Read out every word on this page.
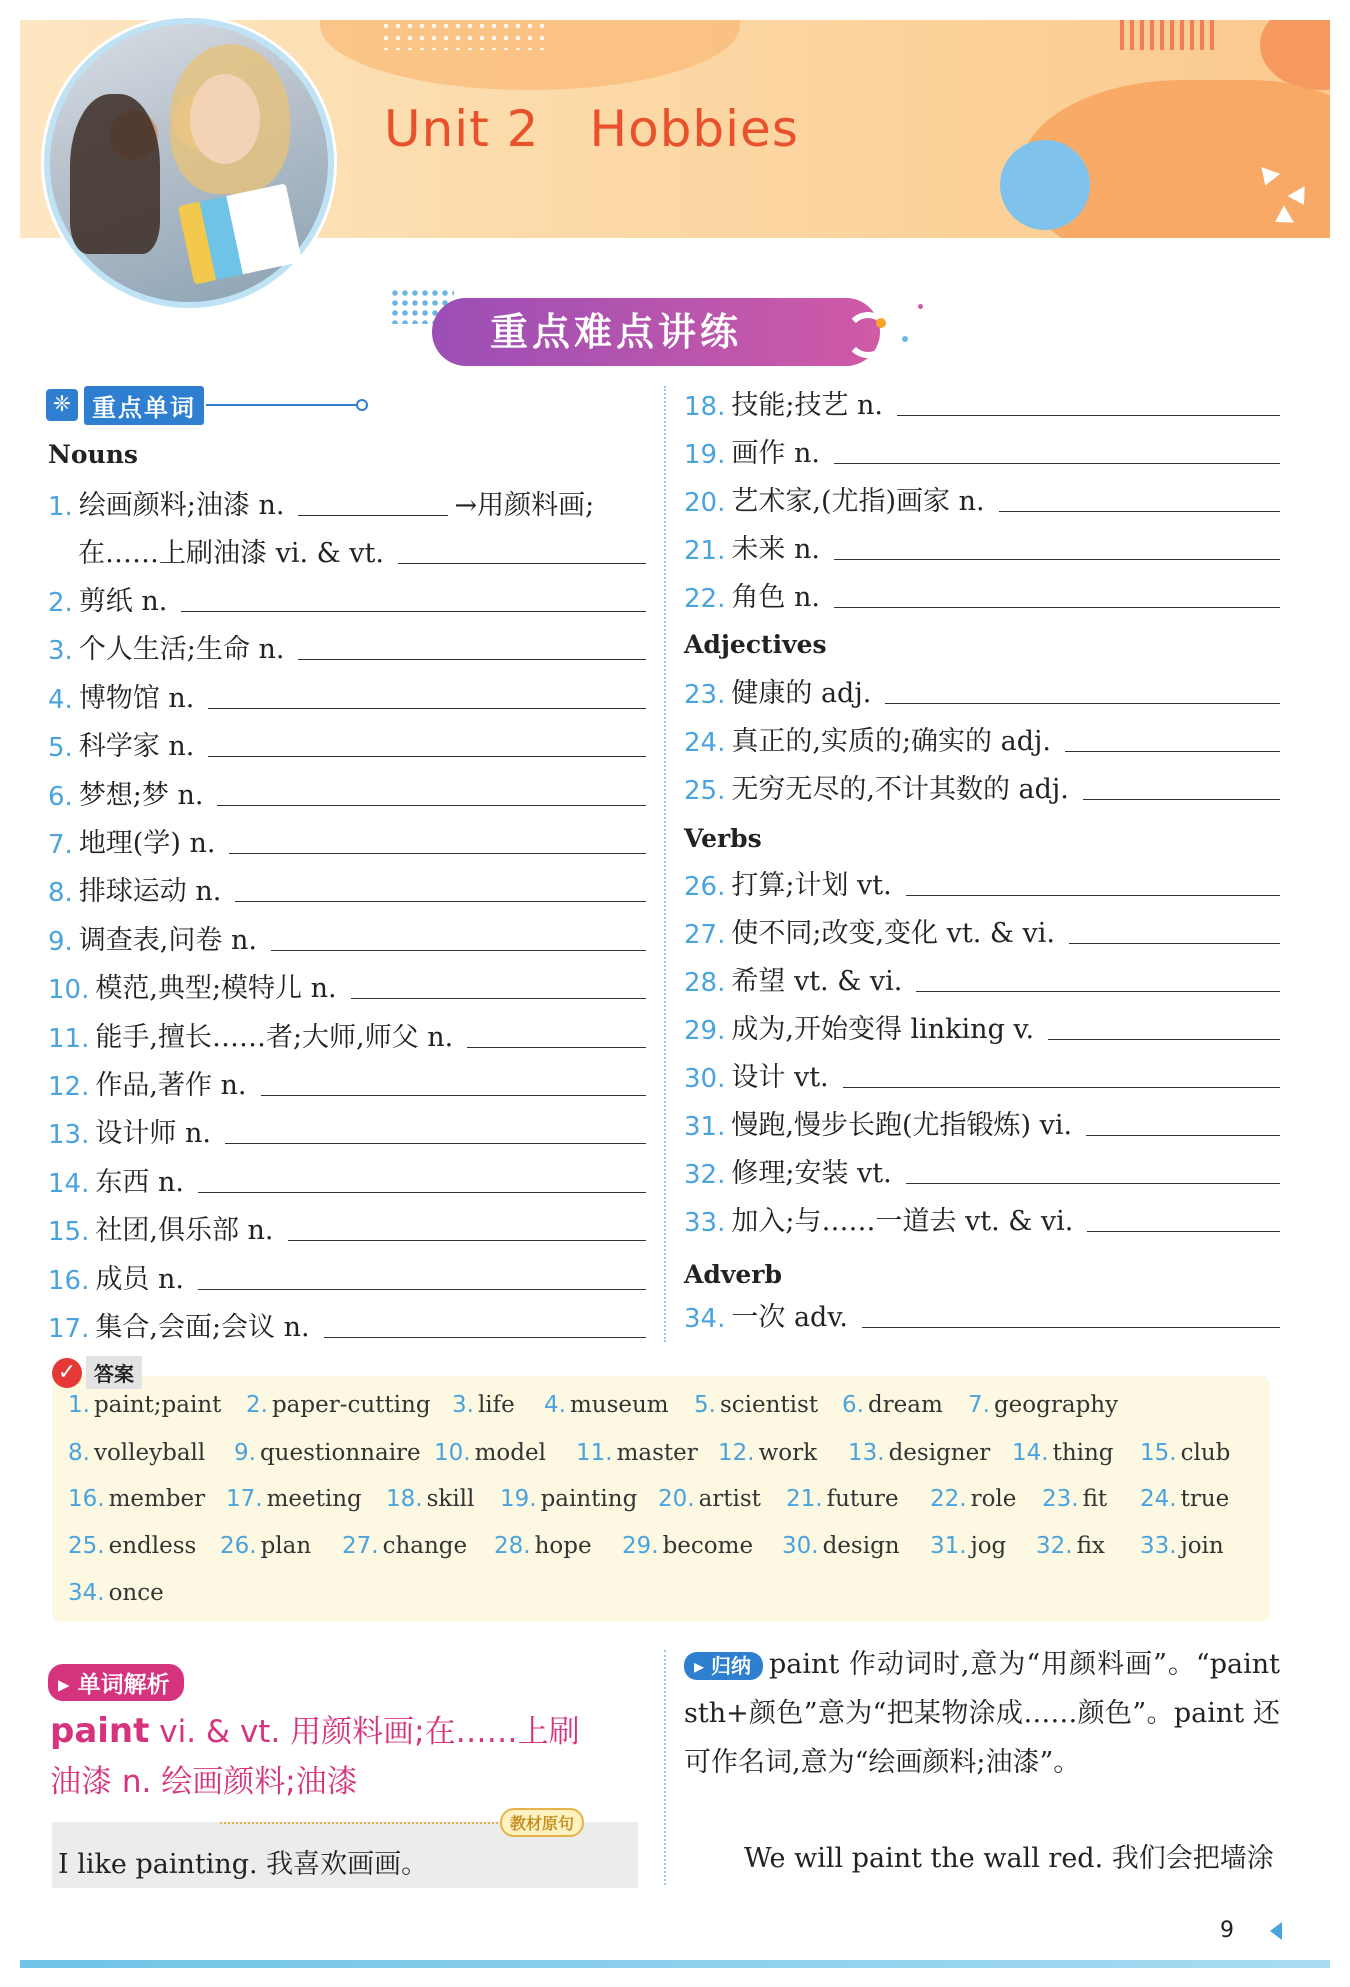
Unit 2 Hobbies
重点难点讲练
❈ 重点单词
Nouns
1. 绘画颜料;油漆 n.	→用颜料画;
在……上刷油漆 vi. & vt.
2. 剪纸 n.
3. 个人生活;生命 n.
4. 博物馆 n.
5. 科学家 n.
6. 梦想;梦 n.
7. 地理(学) n.
8. 排球运动 n.
9. 调查表,问卷 n.
10. 模范,典型;模特儿 n.
11. 能手,擅长……者;大师,师父 n.
12. 作品,著作 n.
13. 设计师 n.
14. 东西 n.
15. 社团,俱乐部 n.
16. 成员 n.
17. 集合,会面;会议 n.
18. 技能;技艺 n.
19. 画作 n.
20. 艺术家,(尤指)画家 n.
21. 未来 n.
22. 角色 n.
23. 健康的 adj.
24. 真正的,实质的;确实的 adj.
25. 无穷无尽的,不计其数的 adj.
26. 打算;计划 vt.
27. 使不同;改变,变化 vt. & vi.
28. 希望 vt. & vi.
29. 成为,开始变得 linking v.
30. 设计 vt.
31. 慢跑,慢步长跑(尤指锻炼) vi.
32. 修理;安装 vt.
33. 加入;与……一道去 vt. & vi.
34. 一次 adv.
Adjectives
Verbs
Adverb
✓ 答案
1. paint;paint 2. paper-cutting 3. life 4. museum 5. scientist 6. dream 7. geography
8. volleyball 9. questionnaire 10. model 11. master 12. work 13. designer 14. thing 15. club
16. member 17. meeting 18. skill 19. painting 20. artist 21. future 22. role 23. fit 24. true
25. endless 26. plan 27. change 28. hope 29. become 30. design 31. jog 32. fix 33. join
34. once
▸ 单词解析
paint vi. & vt. 用颜料画;在……上刷
油漆 n. 绘画颜料;油漆
教材原句
I like painting. 我喜欢画画。
▸ 归纳 paint 作动词时,意为“用颜料画”。“paint sth+颜色”意为“把某物涂成……颜色”。paint 还可作名词,意为“绘画颜料;油漆”。
We will paint the wall red. 我们会把墙涂
9
